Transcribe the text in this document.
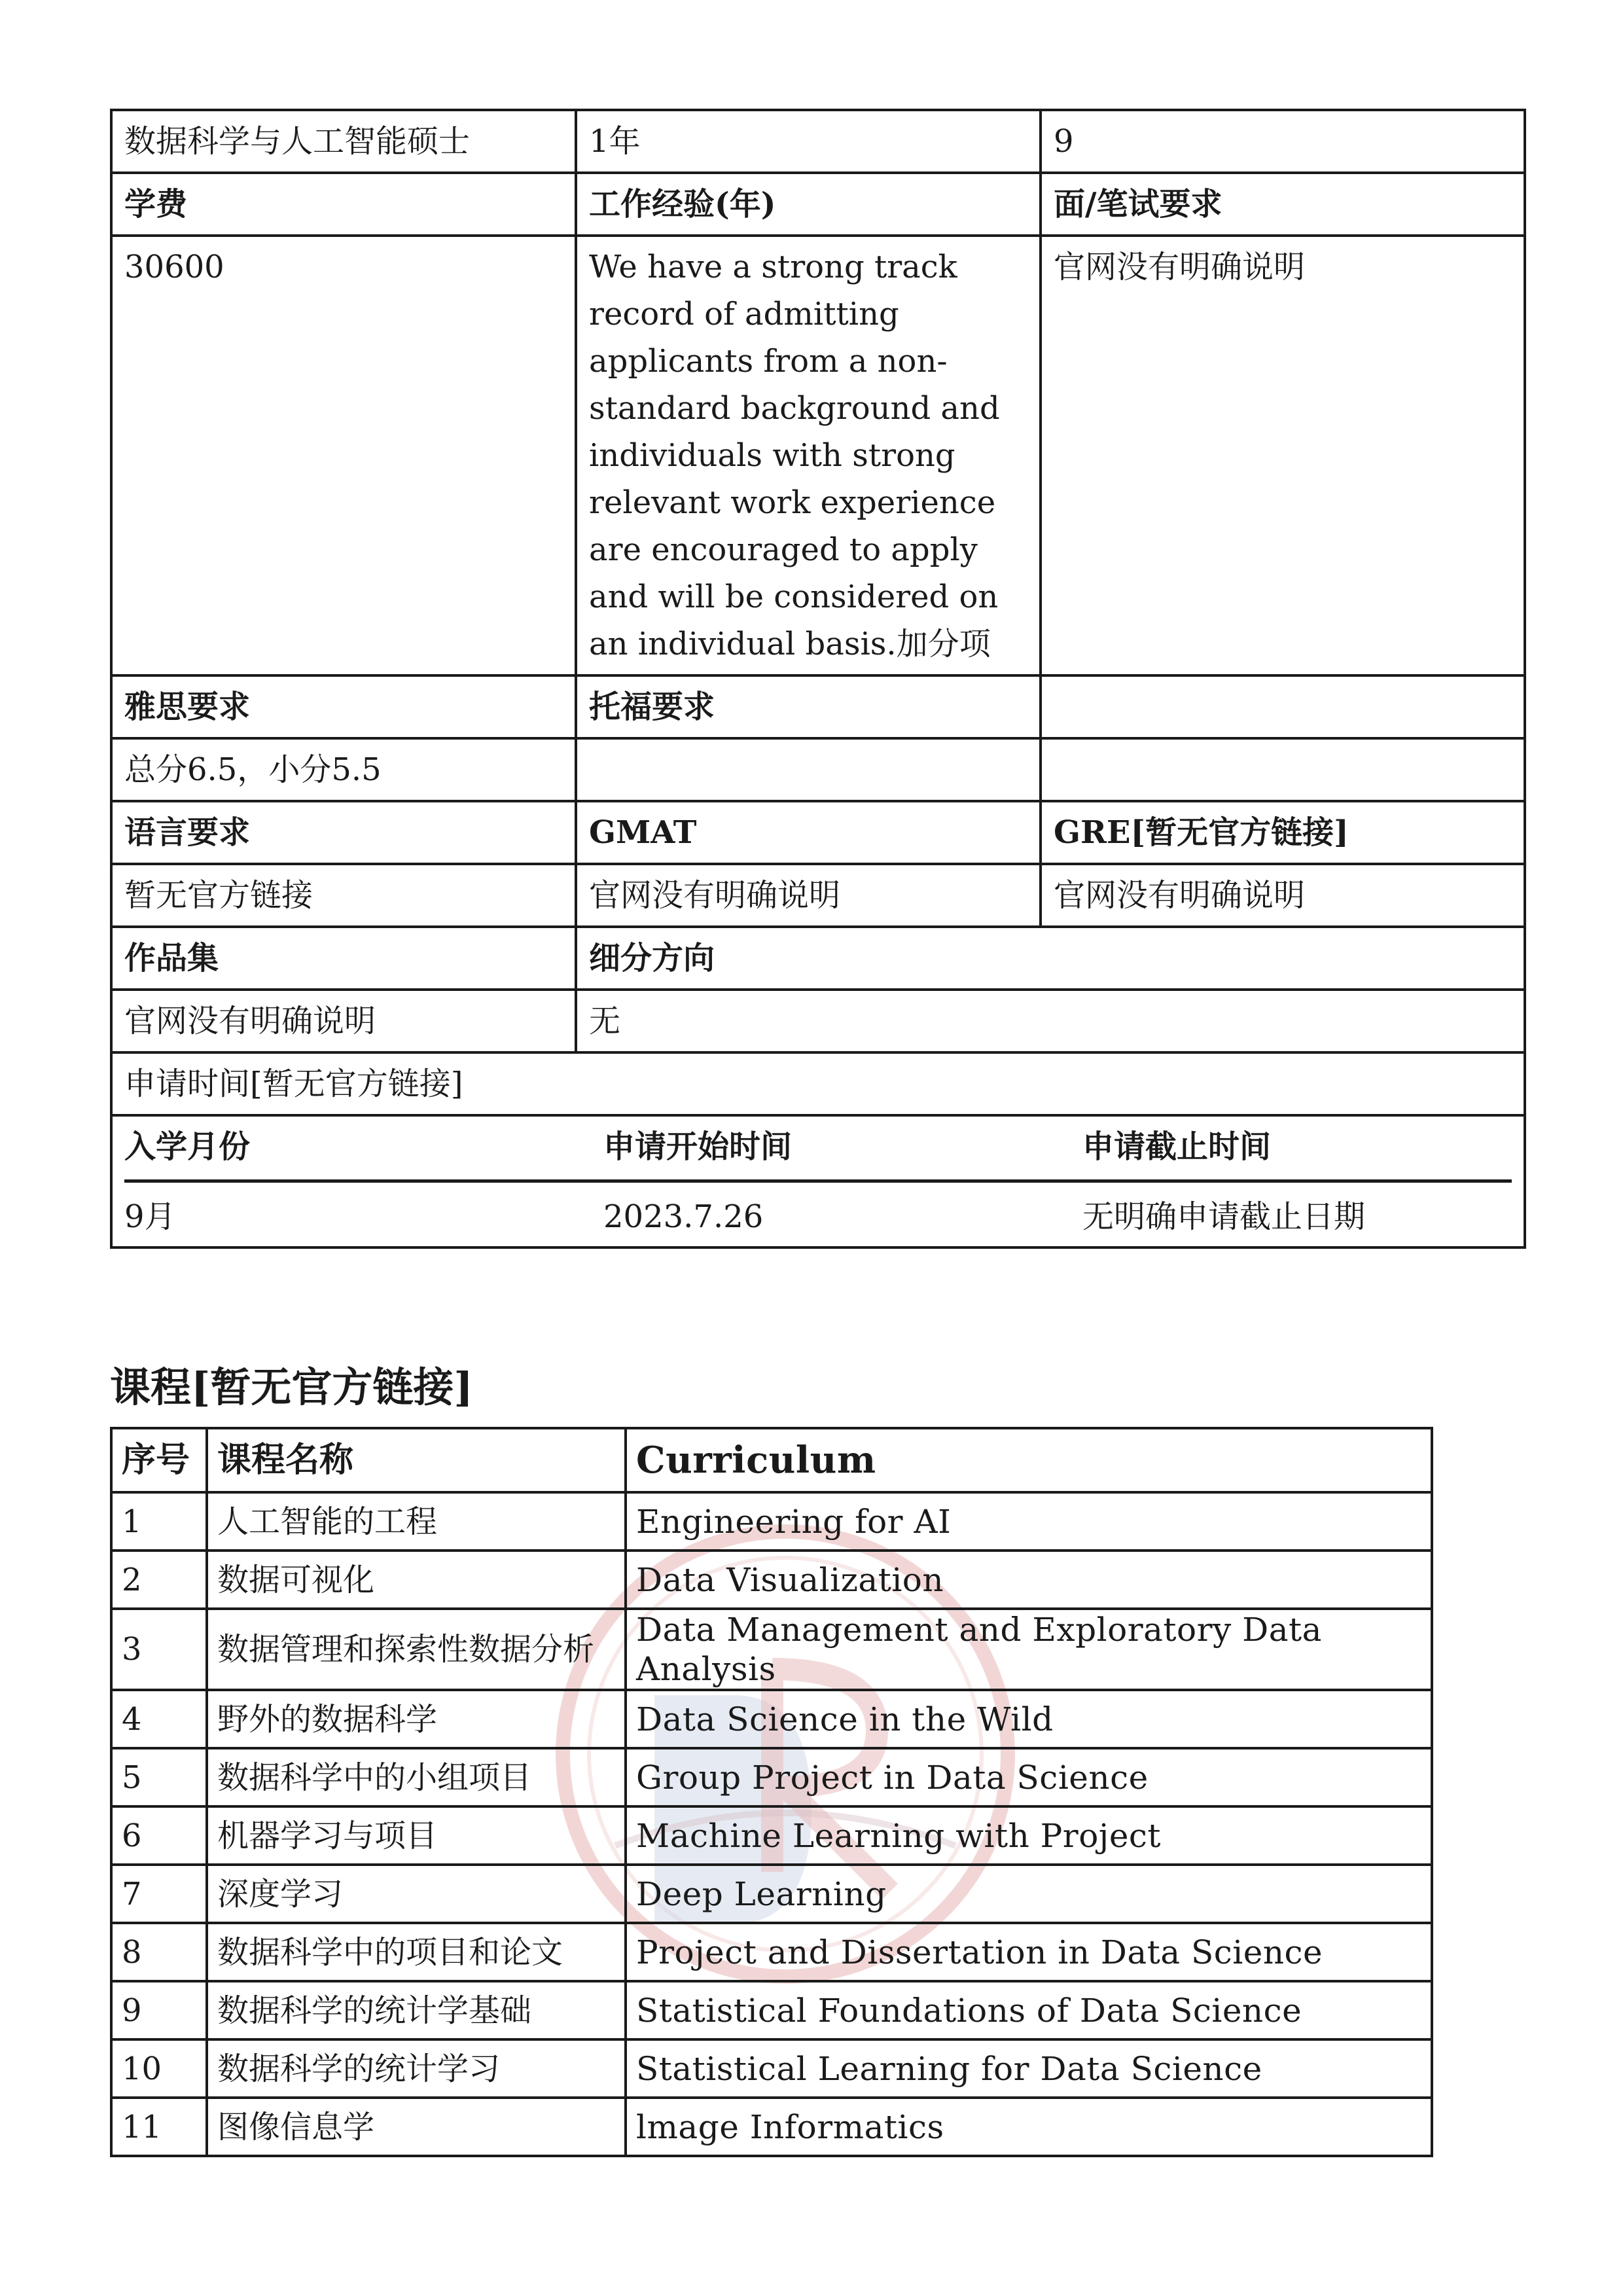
数据科学与人工智能硕士	1年	9
学费	工作经验(年)	面/笔试要求
30600	We have a strong track record of admitting applicants from a non-standard background and individuals with strong relevant work experience are encouraged to apply and will be considered on an individual basis.加分项	官网没有明确说明
雅思要求	托福要求	
总分6.5，小分5.5		
语言要求	GMAT	GRE[暂无官方链接]
暂无官方链接	官网没有明确说明	官网没有明确说明
作品集	细分方向
官网没有明确说明	无
申请时间[暂无官方链接]

入学月份	申请开始时间	申请截止时间
9月	2023.7.26	无明确申请截止日期
课程[暂无官方链接]
序号	课程名称	Curriculum
1	人工智能的工程	Engineering for AI
2	数据可视化	Data Visualization
3	数据管理和探索性数据分析	Data Management and Exploratory Data Analysis
4	野外的数据科学	Data Science in the Wild
5	数据科学中的小组项目	Group Project in Data Science
6	机器学习与项目	Machine Learning with Project
7	深度学习	Deep Learning
8	数据科学中的项目和论文	Project and Dissertation in Data Science
9	数据科学的统计学基础	Statistical Foundations of Data Science
10	数据科学的统计学习	Statistical Learning for Data Science
11	图像信息学	lmage Informatics
